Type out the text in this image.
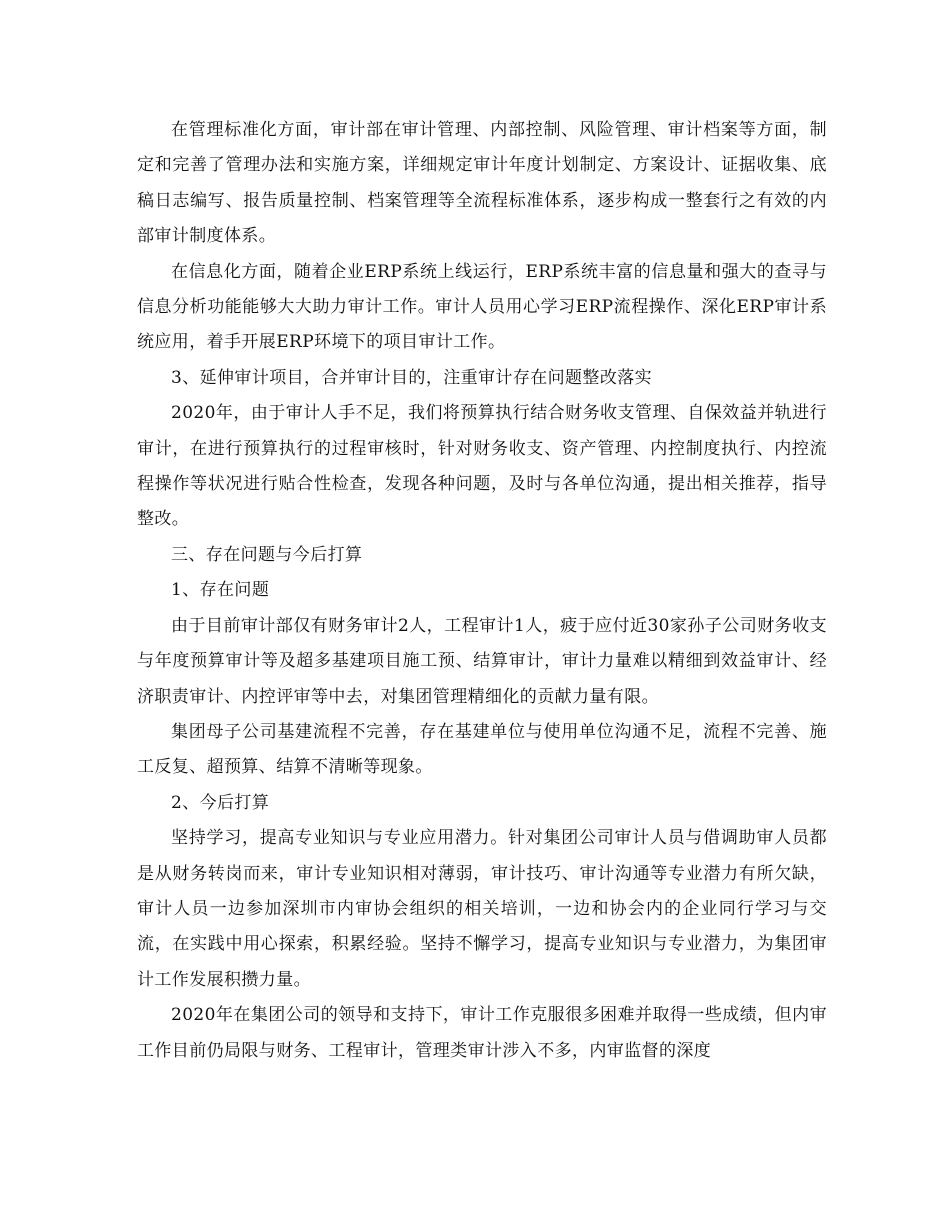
在管理标准化方面，审计部在审计管理、内部控制、风险管理、审计档案等方面，制定和完善了管理办法和实施方案，详细规定审计年度计划制定、方案设计、证据收集、底稿日志编写、报告质量控制、档案管理等全流程标准体系，逐步构成一整套行之有效的内部审计制度体系。

在信息化方面，随着企业ERP系统上线运行，ERP系统丰富的信息量和强大的查寻与信息分析功能能够大大助力审计工作。审计人员用心学习ERP流程操作、深化ERP审计系统应用，着手开展ERP环境下的项目审计工作。

3、延伸审计项目，合并审计目的，注重审计存在问题整改落实

2020年，由于审计人手不足，我们将预算执行结合财务收支管理、自保效益并轨进行审计，在进行预算执行的过程审核时，针对财务收支、资产管理、内控制度执行、内控流程操作等状况进行贴合性检查，发现各种问题，及时与各单位沟通，提出相关推荐，指导整改。

三、存在问题与今后打算

1、存在问题

由于目前审计部仅有财务审计2人，工程审计1人，疲于应付近30家孙子公司财务收支与年度预算审计等及超多基建项目施工预、结算审计，审计力量难以精细到效益审计、经济职责审计、内控评审等中去，对集团管理精细化的贡献力量有限。

集团母子公司基建流程不完善，存在基建单位与使用单位沟通不足，流程不完善、施工反复、超预算、结算不清晰等现象。

2、今后打算

坚持学习，提高专业知识与专业应用潜力。针对集团公司审计人员与借调助审人员都是从财务转岗而来，审计专业知识相对薄弱，审计技巧、审计沟通等专业潜力有所欠缺，审计人员一边参加深圳市内审协会组织的相关培训，一边和协会内的企业同行学习与交流，在实践中用心探索，积累经验。坚持不懈学习，提高专业知识与专业潜力，为集团审计工作发展积攒力量。

2020年在集团公司的领导和支持下，审计工作克服很多困难并取得一些成绩，但内审工作目前仍局限与财务、工程审计，管理类审计涉入不多，内审监督的深度
